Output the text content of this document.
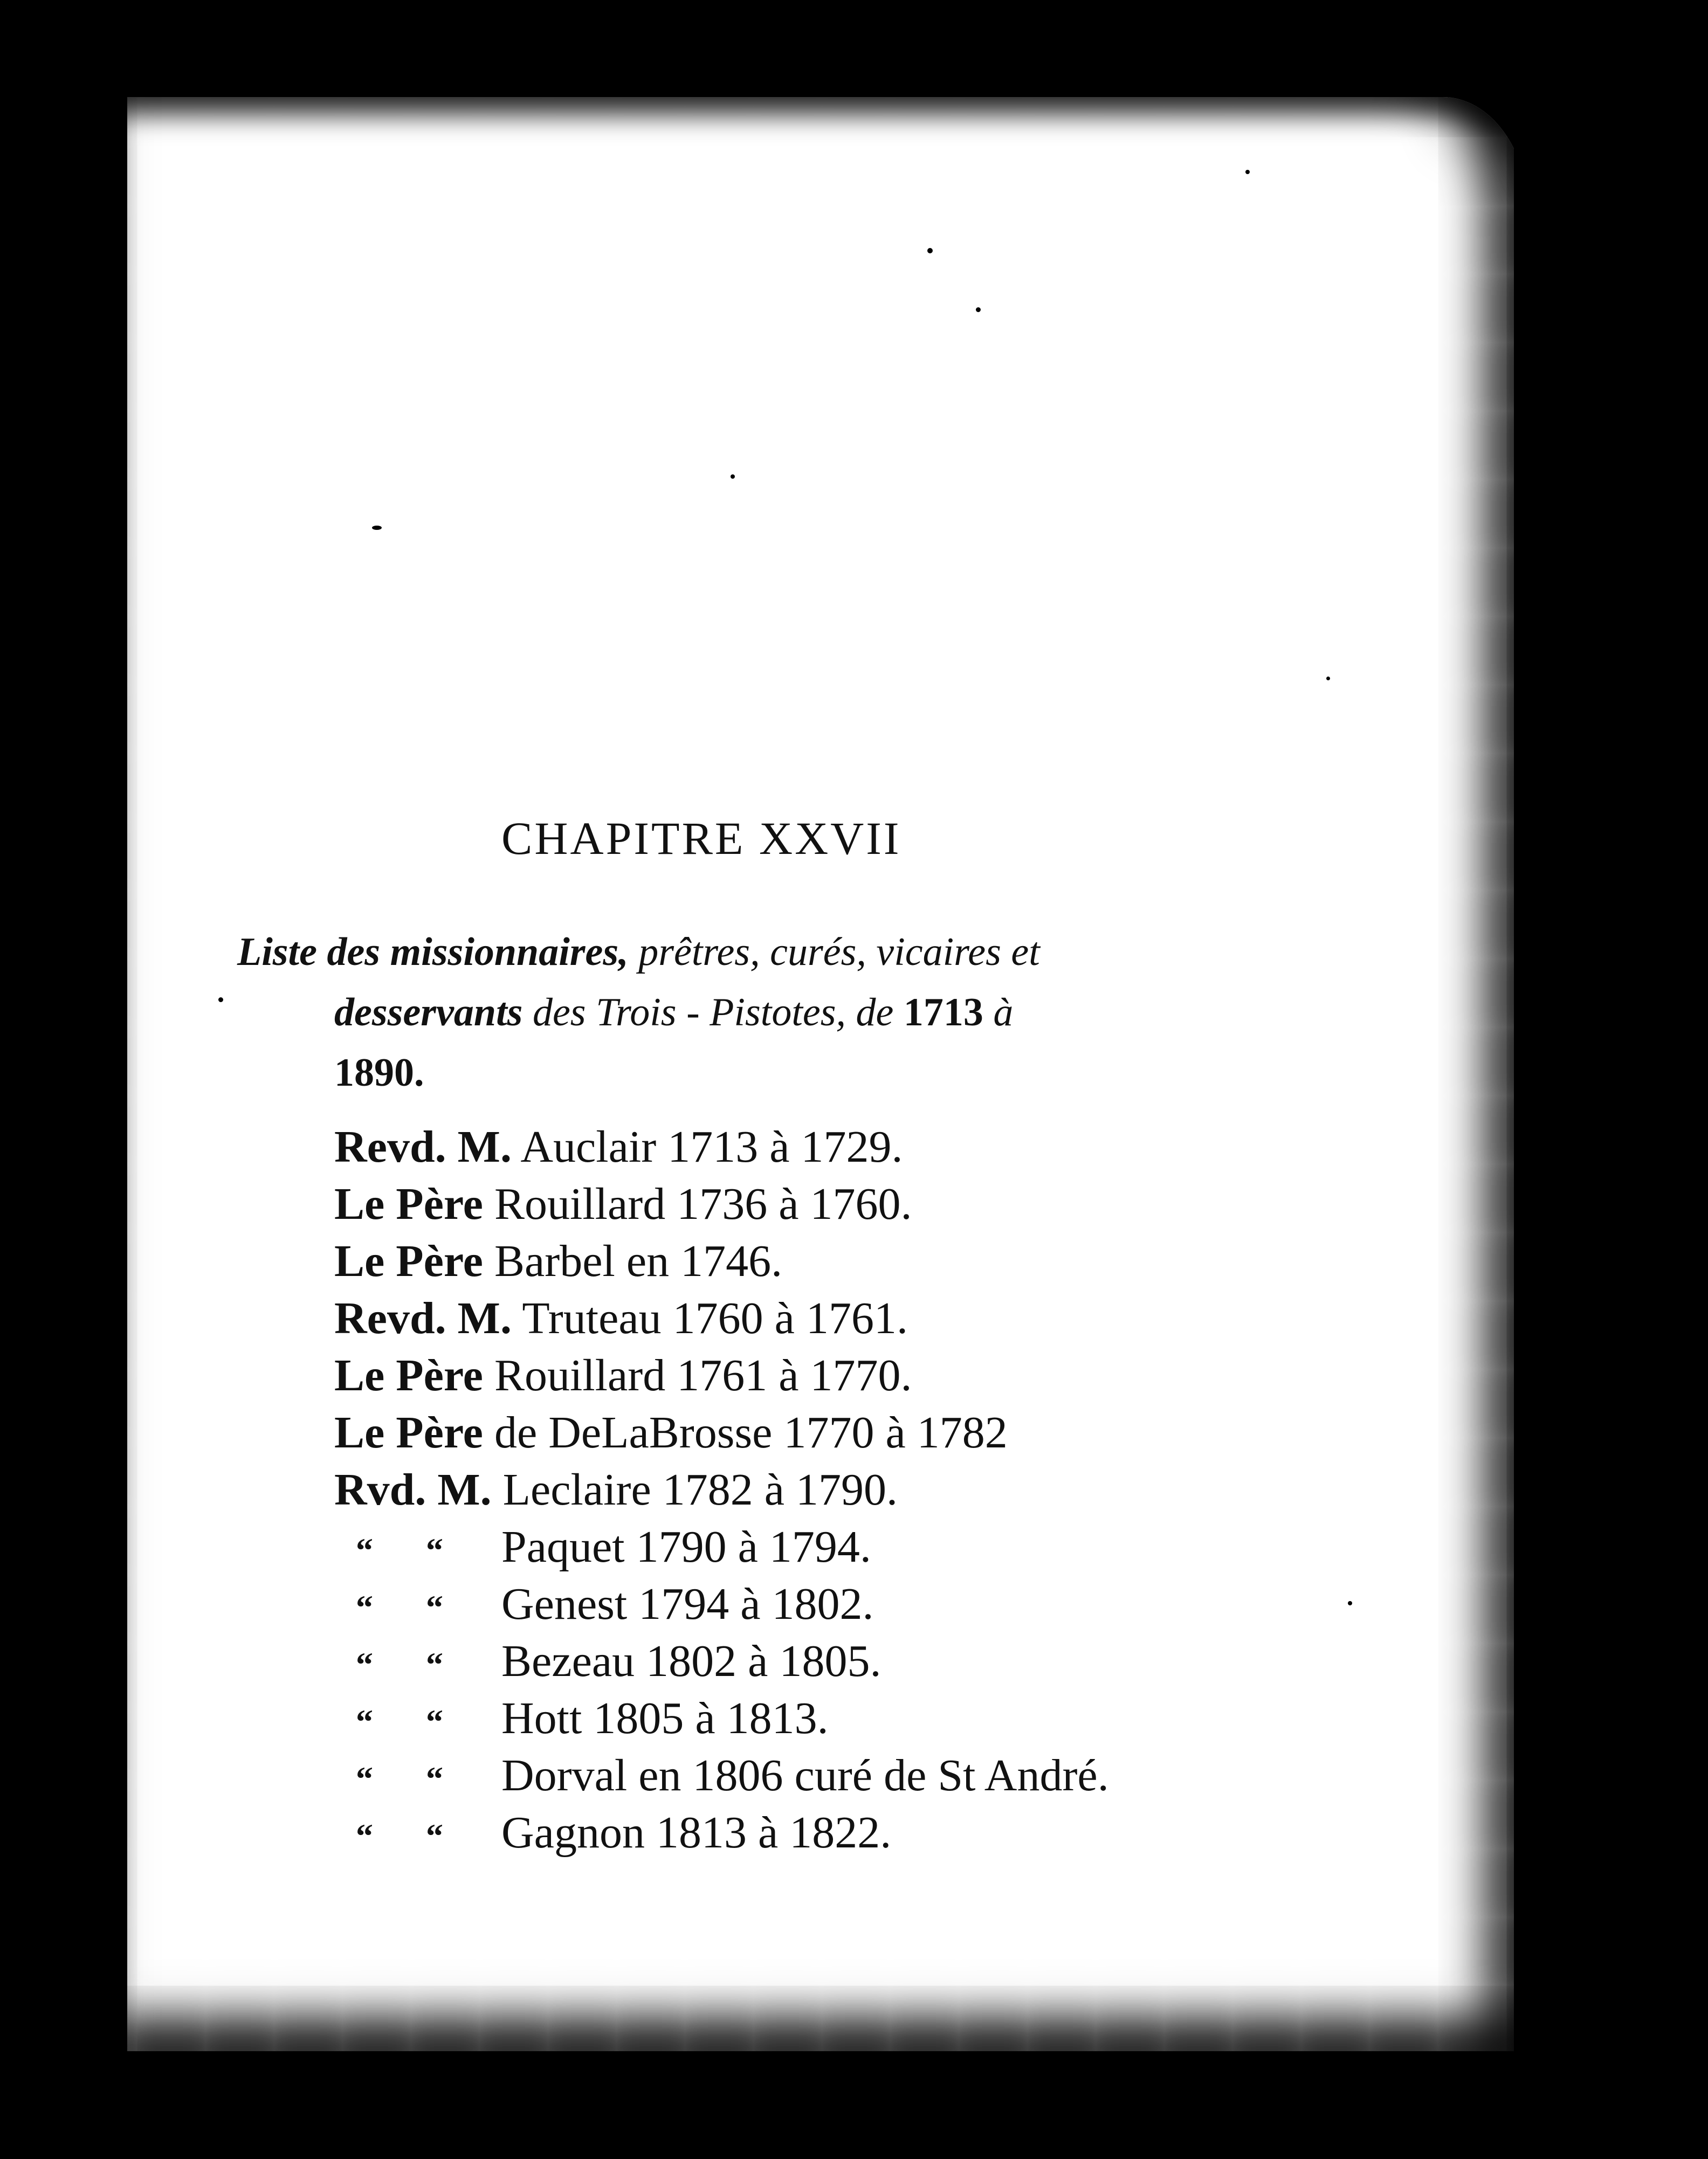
CHAPITRE XXVII
Liste des missionnaires, prêtres, curés, vicaires et
desservants des Trois - Pistotes, de 1713 à
1890.
Revd. M. Auclair 1713 à 1729.
Le Père Rouillard 1736 à 1760.
Le Père Barbel en 1746.
Revd. M. Truteau 1760 à 1761.
Le Père Rouillard 1761 à 1770.
Le Père de DeLaBrosse 1770 à 1782
Rvd. M. Leclaire 1782 à 1790.
“ “ Paquet 1790 à 1794.
“ “ Genest 1794 à 1802.
“ “ Bezeau 1802 à 1805.
“ “ Hott 1805 à 1813.
“ “ Dorval en 1806 curé de St André.
“ “ Gagnon 1813 à 1822.
